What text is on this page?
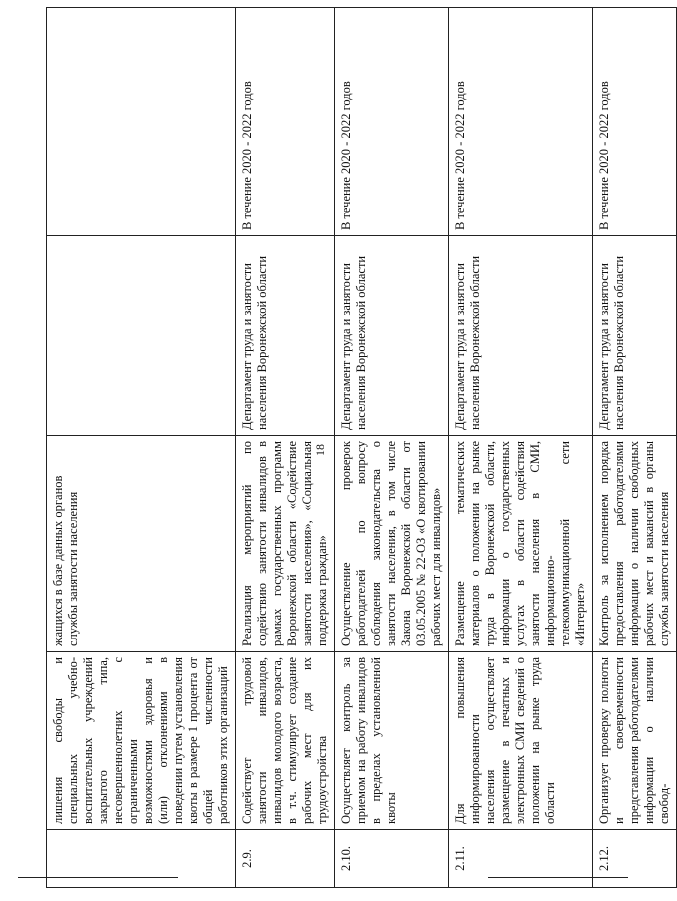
18
	лишения свободы и специальных учебно-воспитательных учреждений закрытого типа, несовершеннолетних с ограниченными возможностями здоровья и (или) отклонениями в поведении путем установления квоты в размере 1 процента от общей численности работников этих организаций	жащихся в базе данных органов службы занятости населения		
2.9.	Содействует трудовой занятости инвалидов, инвалидов молодого возраста, в т.ч. стимулирует создание рабочих мест для их трудоустройства	Реализация мероприятий по содействию занятости инвалидов в рамках государственных программ Воронежской области «Содействие занятости населения», «Социальная поддержка граждан»	Департамент труда и занятости населения Воронежской области	В течение 2020 - 2022 годов
2.10.	Осуществляет контроль за приемом на работу инвалидов в пределах установленной квоты	Осуществление проверок работодателей по вопросу соблюдения законодательства о занятости населения, в том числе Закона Воронежской области от 03.05.2005 № 22-ОЗ «О квотировании рабочих мест для инвалидов»	Департамент труда и занятости населения Воронежской области	В течение 2020 - 2022 годов
2.11.	Для повышения информированности населения осуществляет размещение в печатных и электронных СМИ сведений о положении на рынке труда области	Размещение тематических материалов о положении на рынке труда в Воронежской области, информации о государственных услугах в области содействия занятости населения в СМИ, информационно-телекоммуникационной сети «Интернет»	Департамент труда и занятости населения Воронежской области	В течение 2020 - 2022 годов
2.12.	Организует проверку полноты и своевременности представления работодателями информации о наличии свобод-	Контроль за исполнением порядка предоставления работодателями информации о наличии свободных рабочих мест и вакансий в органы службы занятости населения	Департамент труда и занятости населения Воронежской области	В течение 2020 - 2022 годов
